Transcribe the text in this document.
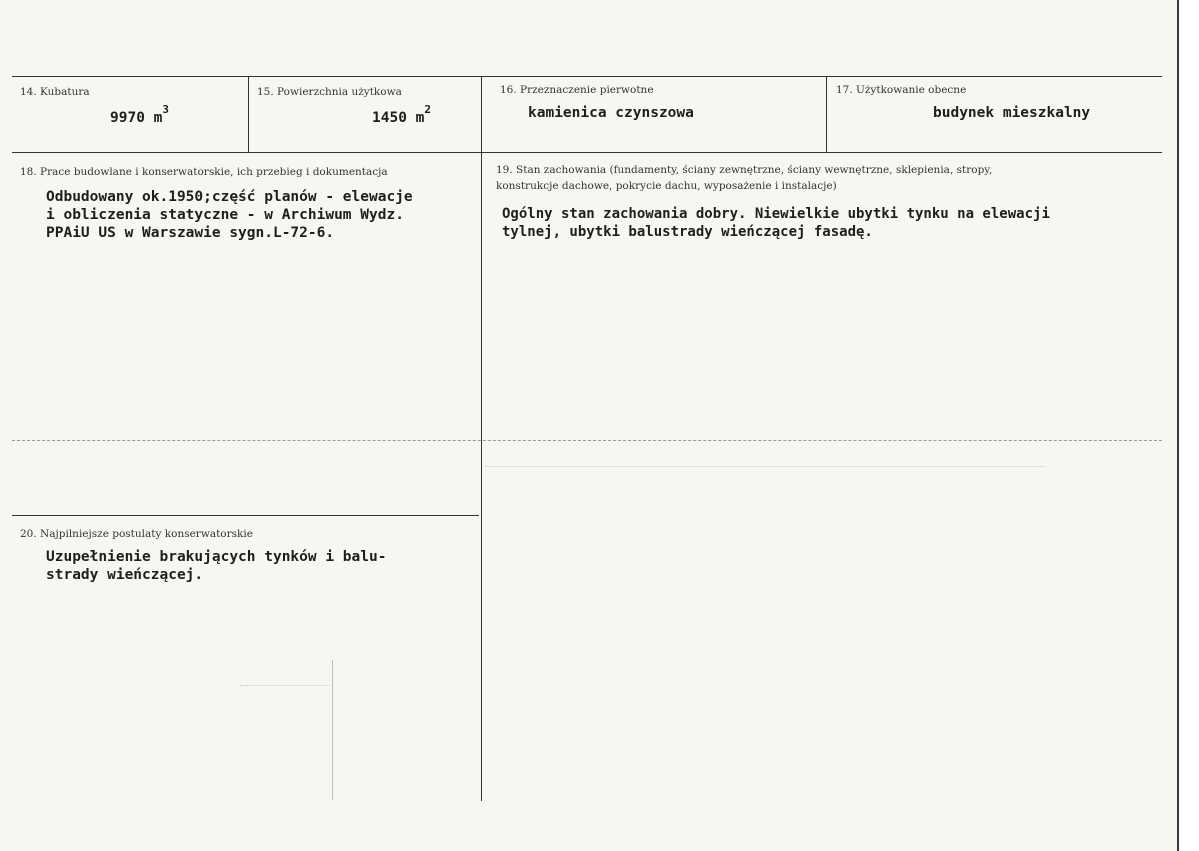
14. Kubatura
9970 $m^3$
15. Powierzchnia użytkowa
1450 $m^2$
16. Przeznaczenie pierwotne
kamienica czynszowa
17. Użytkowanie obecne
budynek mieszkalny
18. Prace budowlane i konserwatorskie, ich przebieg i dokumentacja
Odbudowany ok.1950;część planów - elewacje
i obliczenia statyczne - w Archiwum Wydz.
PPAiU US w Warszawie sygn.L-72-6.
19. Stan zachowania (fundamenty, ściany zewnętrzne, ściany wewnętrzne, sklepienia, stropy,
konstrukcje dachowe, pokrycie dachu, wyposażenie i instalacje)
Ogólny stan zachowania dobry. Niewielkie ubytki tynku na elewacji
tylnej, ubytki balustrady wieńczącej fasadę.
20. Najpilniejsze postulaty konserwatorskie
Uzupełnienie brakujących tynków i balu-
strady wieńczącej.
